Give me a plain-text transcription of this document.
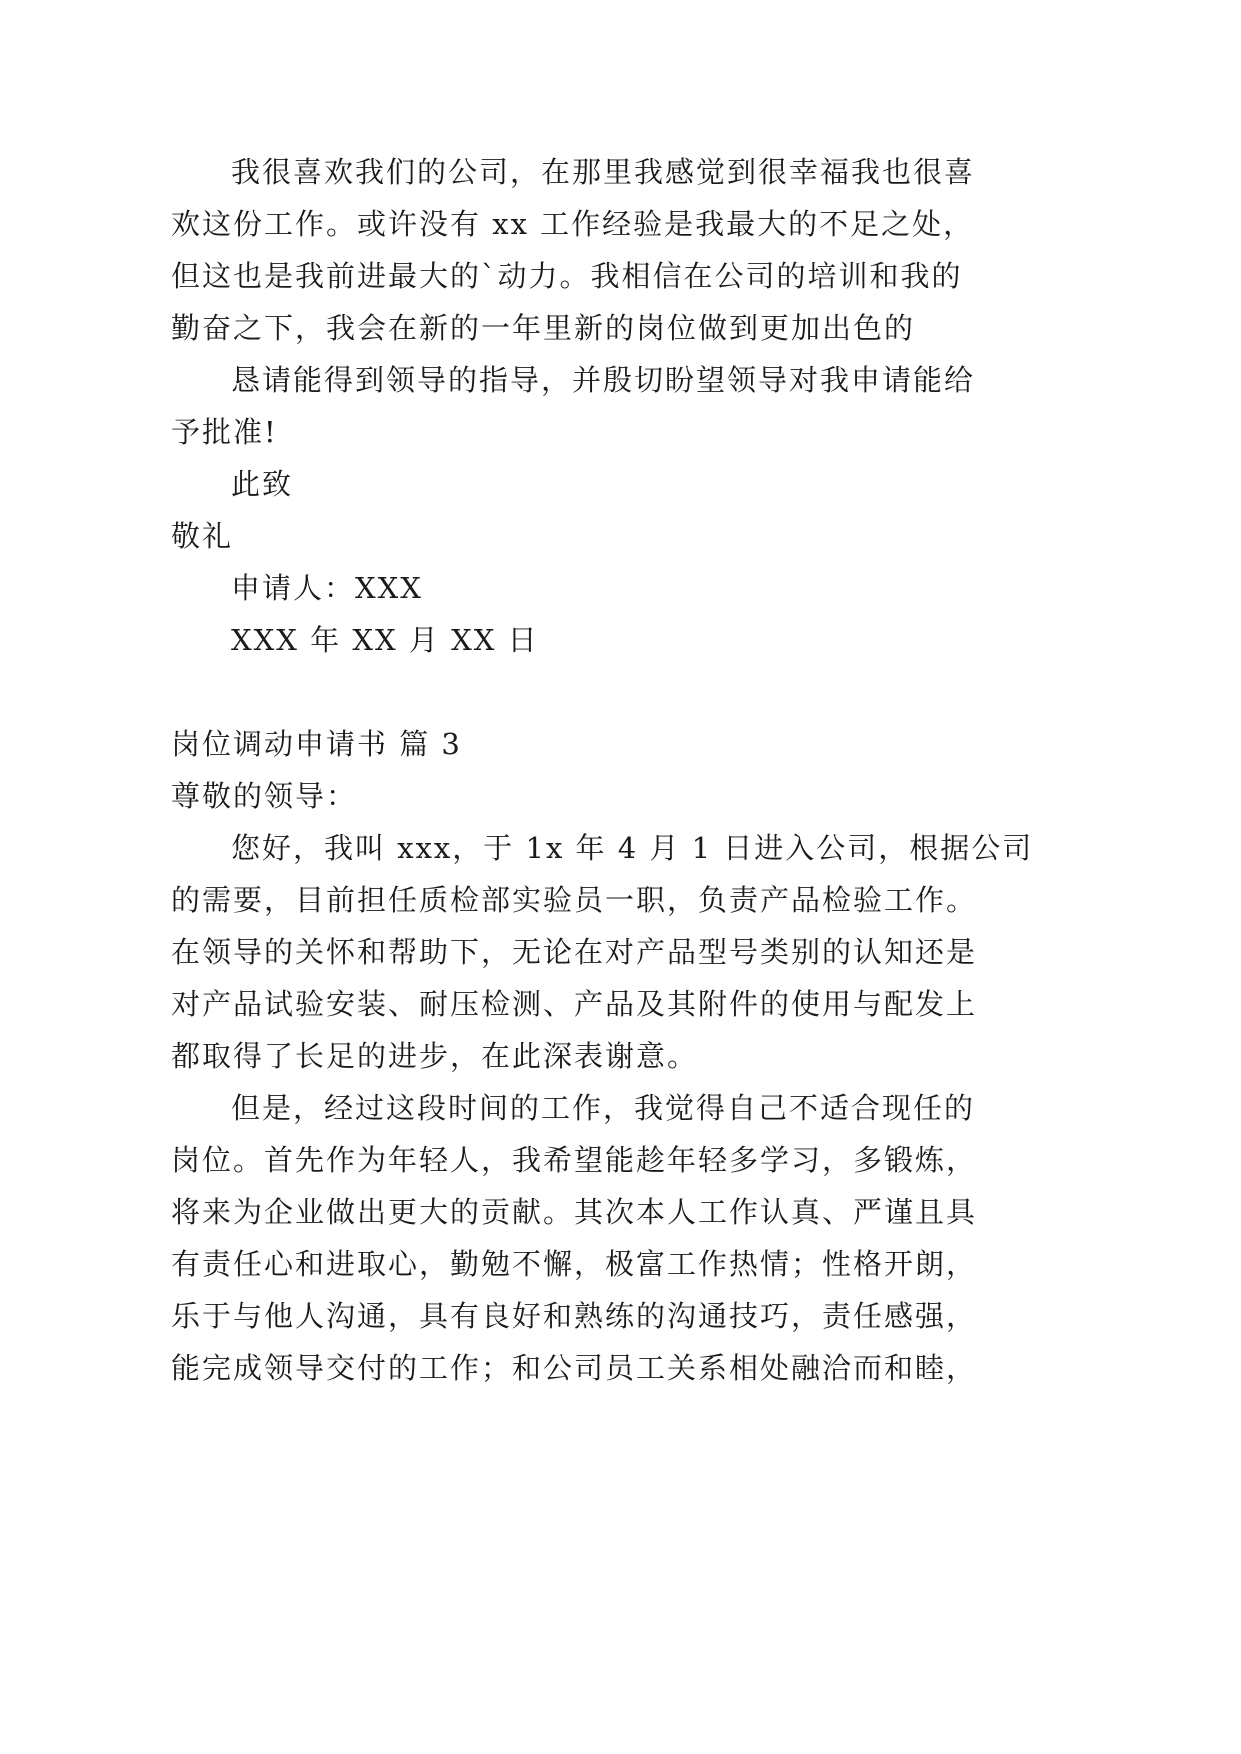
我很喜欢我们的公司，在那里我感觉到很幸福我也很喜
欢这份工作。或许没有 xx 工作经验是我最大的不足之处，
但这也是我前进最大的`动力。我相信在公司的培训和我的
勤奋之下，我会在新的一年里新的岗位做到更加出色的
恳请能得到领导的指导，并殷切盼望领导对我申请能给
予批准!
此致
敬礼
申请人：XXX
XXX 年 XX 月 XX 日
岗位调动申请书 篇 3
尊敬的领导：
您好，我叫 xxx，于 1x 年 4 月 1 日进入公司，根据公司
的需要，目前担任质检部实验员一职，负责产品检验工作。
在领导的关怀和帮助下，无论在对产品型号类别的认知还是
对产品试验安装、耐压检测、产品及其附件的使用与配发上
都取得了长足的进步，在此深表谢意。
但是，经过这段时间的工作，我觉得自己不适合现任的
岗位。首先作为年轻人，我希望能趁年轻多学习，多锻炼，
将来为企业做出更大的贡献。其次本人工作认真、严谨且具
有责任心和进取心，勤勉不懈，极富工作热情；性格开朗，
乐于与他人沟通，具有良好和熟练的沟通技巧，责任感强，
能完成领导交付的工作；和公司员工关系相处融洽而和睦，
